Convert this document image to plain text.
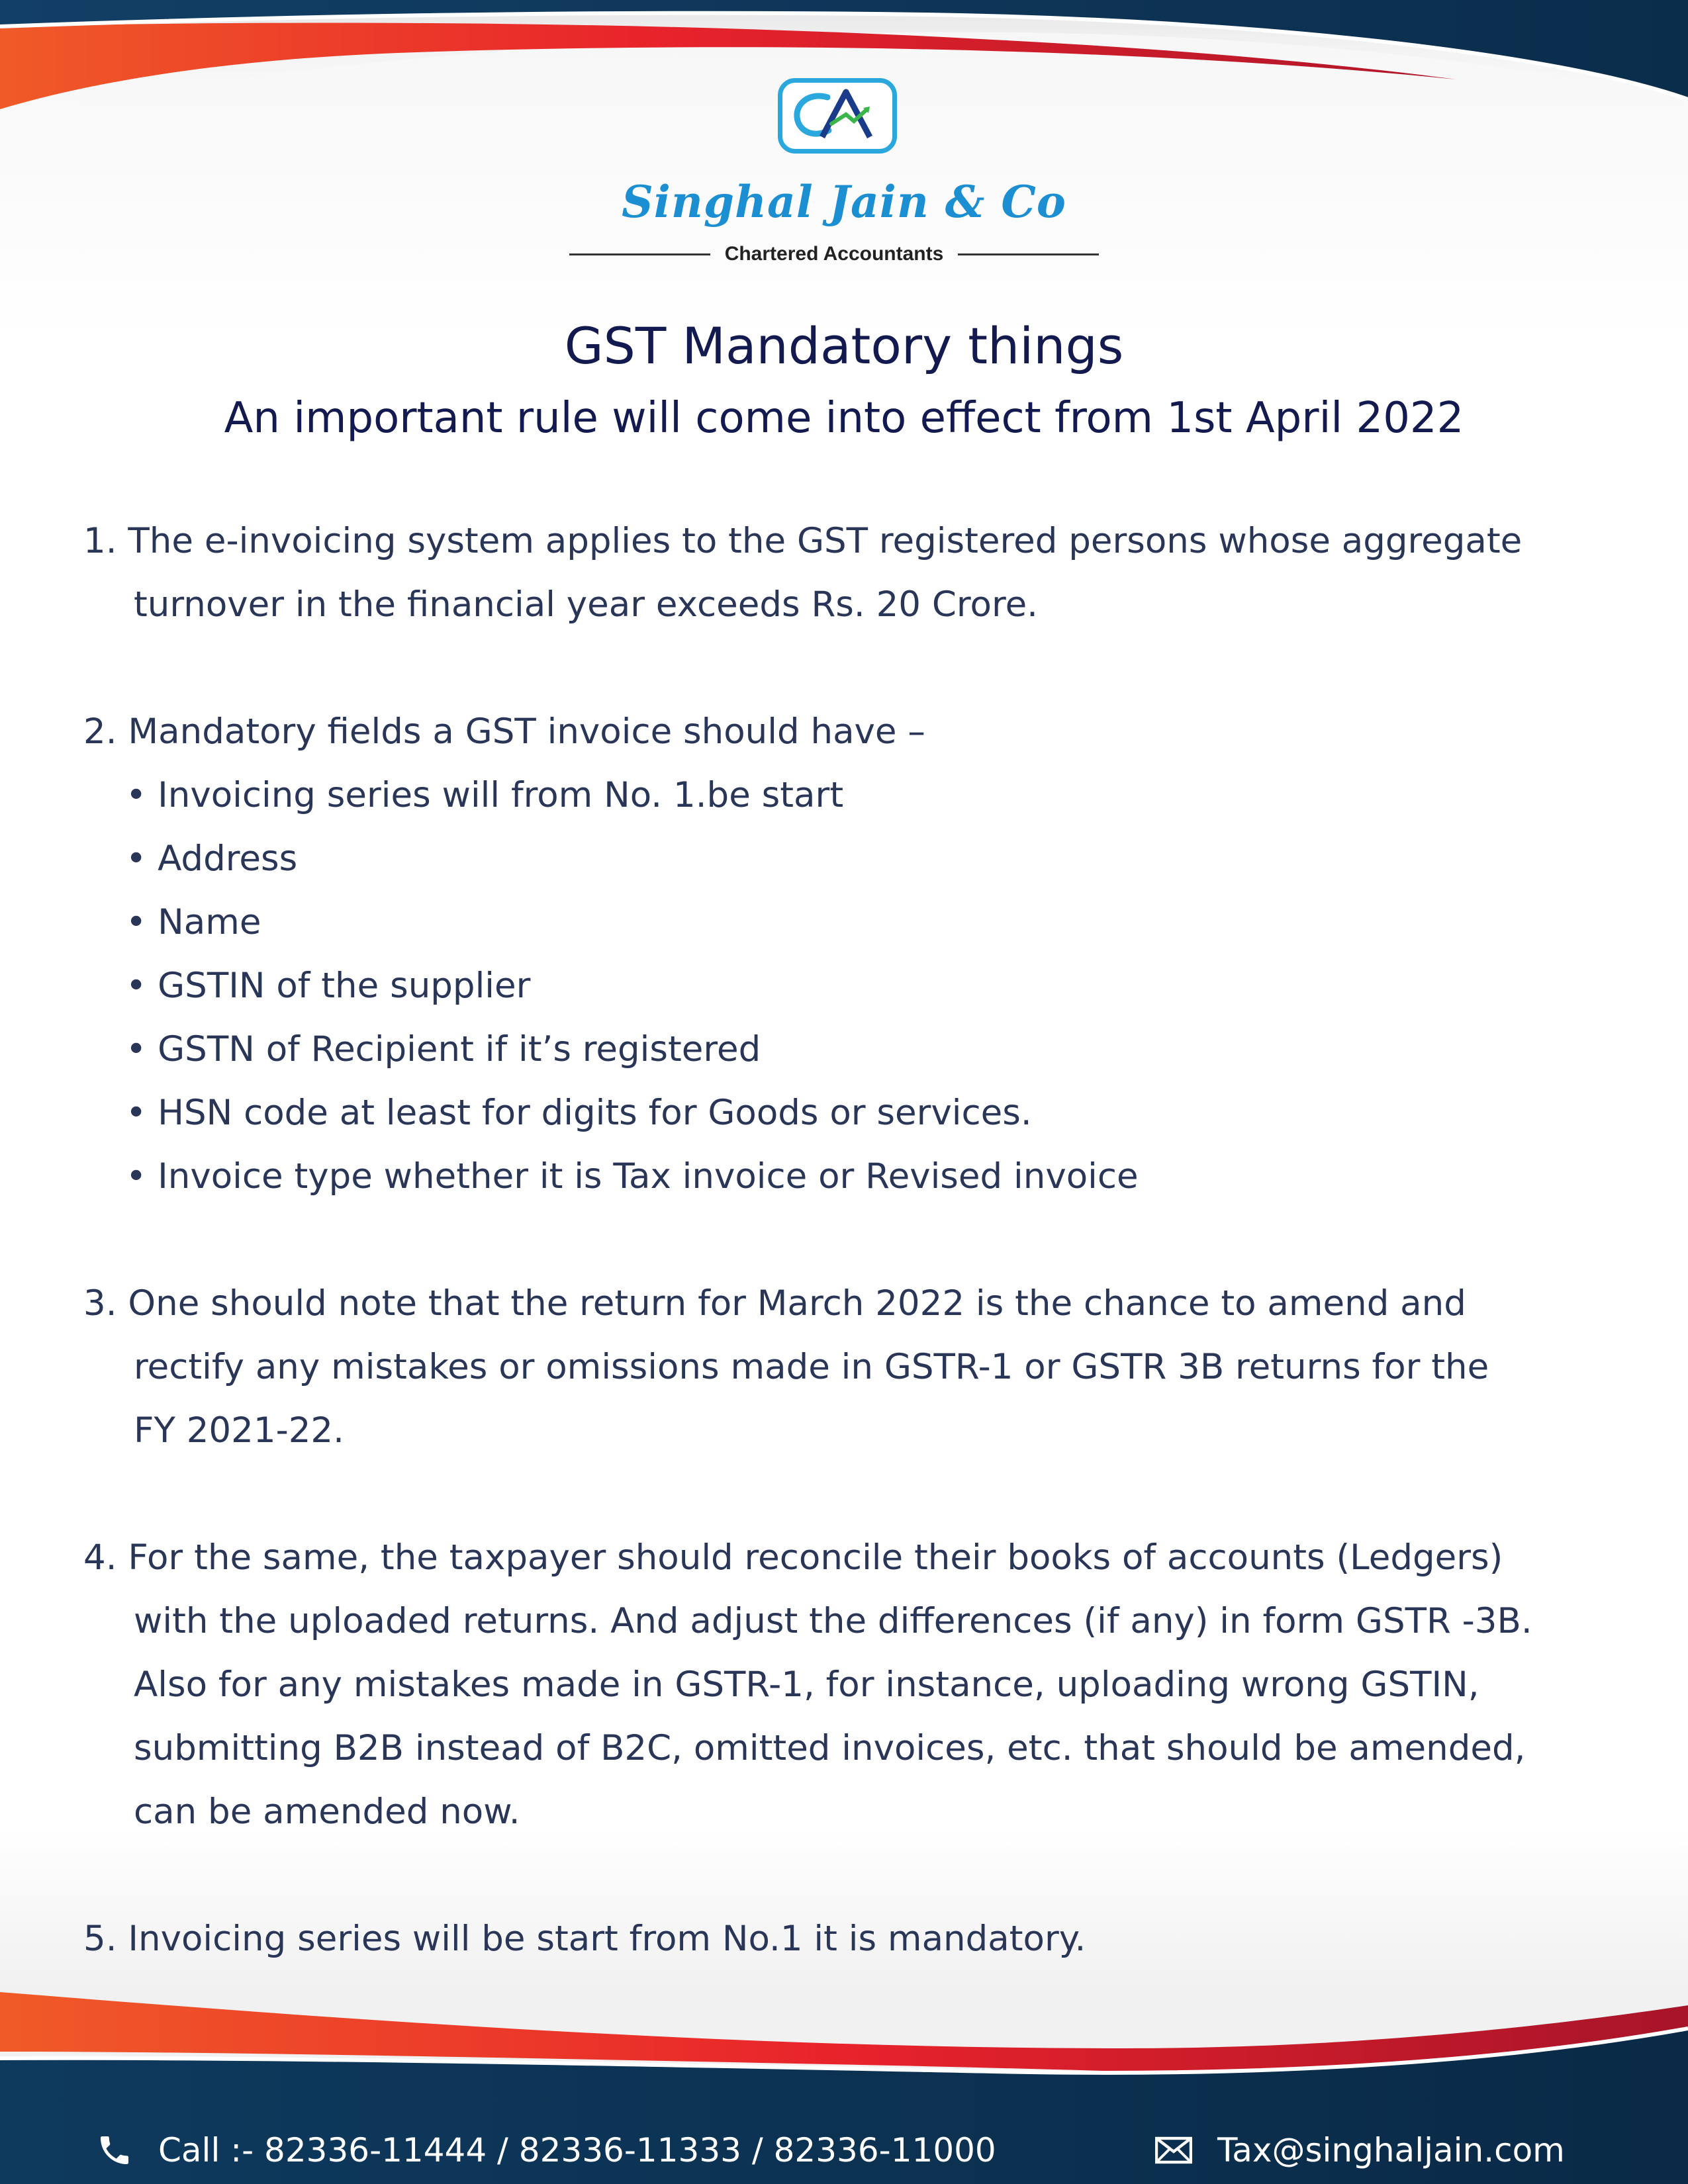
Singhal Jain & Co
Chartered Accountants
GST Mandatory things
An important rule will come into effect from 1st April 2022
1. The e-invoicing system applies to the GST registered persons whose aggregate
turnover in the financial year exceeds Rs. 20 Crore.
2. Mandatory fields a GST invoice should have –
• Invoicing series will from No. 1.be start
• Address
• Name
• GSTIN of the supplier
• GSTN of Recipient if it’s registered
• HSN code at least for digits for Goods or services.
• Invoice type whether it is Tax invoice or Revised invoice
3. One should note that the return for March 2022 is the chance to amend and
rectify any mistakes or omissions made in GSTR-1 or GSTR 3B returns for the
FY 2021-22.
4. For the same, the taxpayer should reconcile their books of accounts (Ledgers)
with the uploaded returns. And adjust the differences (if any) in form GSTR -3B.
Also for any mistakes made in GSTR-1, for instance, uploading wrong GSTIN,
submitting B2B instead of B2C, omitted invoices, etc. that should be amended,
can be amended now.
5. Invoicing series will be start from No.1 it is mandatory.
Call :- 82336-11444 / 82336-11333 / 82336-11000	Tax@singhaljain.com
